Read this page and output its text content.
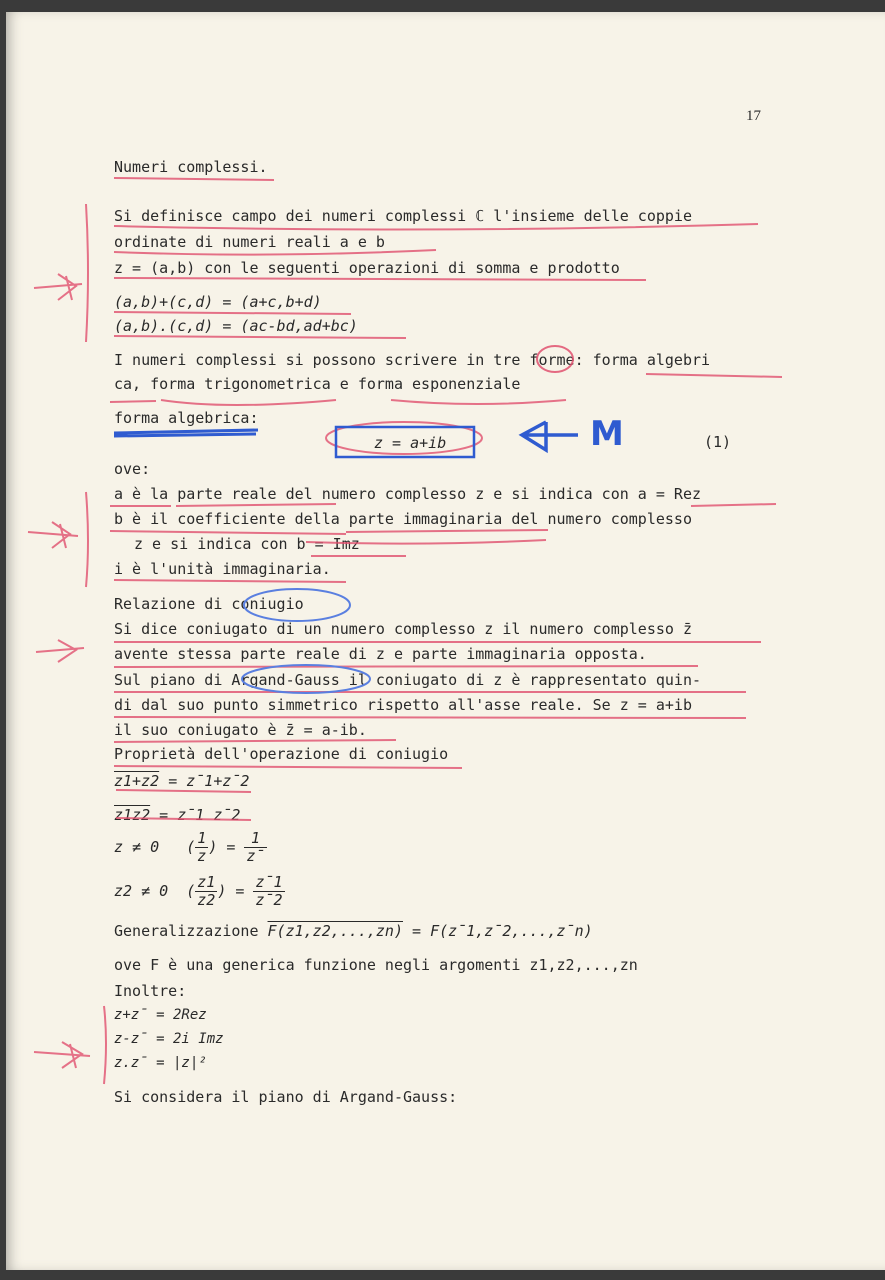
17
Numeri complessi.
Si definisce campo dei numeri complessi ℂ l'insieme delle coppie
ordinate di numeri reali a e b
z = (a,b) con le seguenti operazioni di somma e prodotto
(a,b)+(c,d) = (a+c,b+d)
(a,b).(c,d) = (ac-bd,ad+bc)
I numeri complessi si possono scrivere in tre forme: forma algebri
ca, forma trigonometrica e forma esponenziale
forma algebrica:
z = a+ib	(1)
M
ove:
a è la parte reale del numero complesso z e si indica con a = Rez
b è il coefficiente della parte immaginaria del numero complesso
z e si indica con b = Imz
i è l'unità immaginaria.
Relazione di coniugio
Si dice coniugato di un numero complesso z il numero complesso z̄
avente stessa parte reale di z e parte immaginaria opposta.
Sul piano di Argand-Gauss il coniugato di z è rappresentato quin-
di dal suo punto simmetrico rispetto all'asse reale. Se z = a+ib
il suo coniugato è z̄ = a-ib.
Proprietà dell'operazione di coniugio
z1+z2 = z̄1+z̄2
z1z2 = z̄1 z̄2
z ≠ 0   ( $\frac{1}{z}$ ) = $\frac{1}{z̄}$
z2 ≠ 0  ( $\frac{z1}{z2}$ ) = $\frac{z̄1}{z̄2}$
Generalizzazione F(z1,z2,...,zn) = F(z̄1,z̄2,...,z̄n)
ove F è una generica funzione negli argomenti z1,z2,...,zn
Inoltre:
z+z̄ = 2Rez
z-z̄ = 2i Imz
z.z̄ = |z|²
Si considera il piano di Argand-Gauss:
